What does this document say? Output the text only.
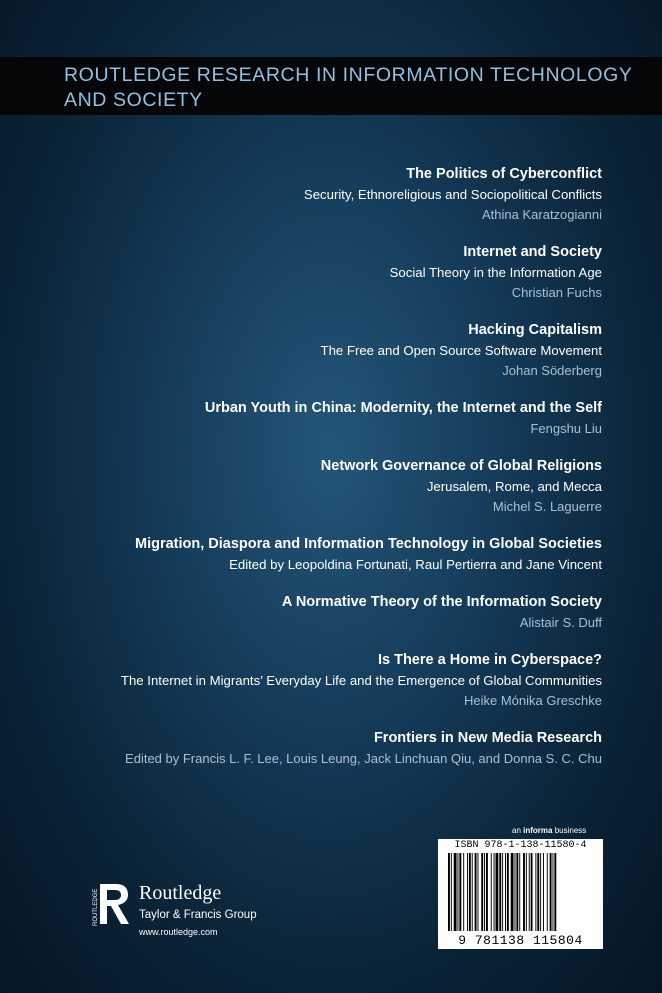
ROUTLEDGE RESEARCH IN INFORMATION TECHNOLOGY AND SOCIETY
The Politics of Cyberconflict
Security, Ethnoreligious and Sociopolitical Conflicts
Athina Karatzogianni
Internet and Society
Social Theory in the Information Age
Christian Fuchs
Hacking Capitalism
The Free and Open Source Software Movement
Johan Söderberg
Urban Youth in China: Modernity, the Internet and the Self
Fengshu Liu
Network Governance of Global Religions
Jerusalem, Rome, and Mecca
Michel S. Laguerre
Migration, Diaspora and Information Technology in Global Societies
Edited by Leopoldina Fortunati, Raul Pertierra and Jane Vincent
A Normative Theory of the Information Society
Alistair S. Duff
Is There a Home in Cyberspace?
The Internet in Migrants’ Everyday Life and the Emergence of Global Communities
Heike Mónika Greschke
Frontiers in New Media Research
Edited by Francis L. F. Lee, Louis Leung, Jack Linchuan Qiu, and Donna S. C. Chu
an informa business
ISBN 978-1-138-11580-4
9 781138 115804
ROUTLEDGE Routledge
Taylor & Francis Group
www.routledge.com
